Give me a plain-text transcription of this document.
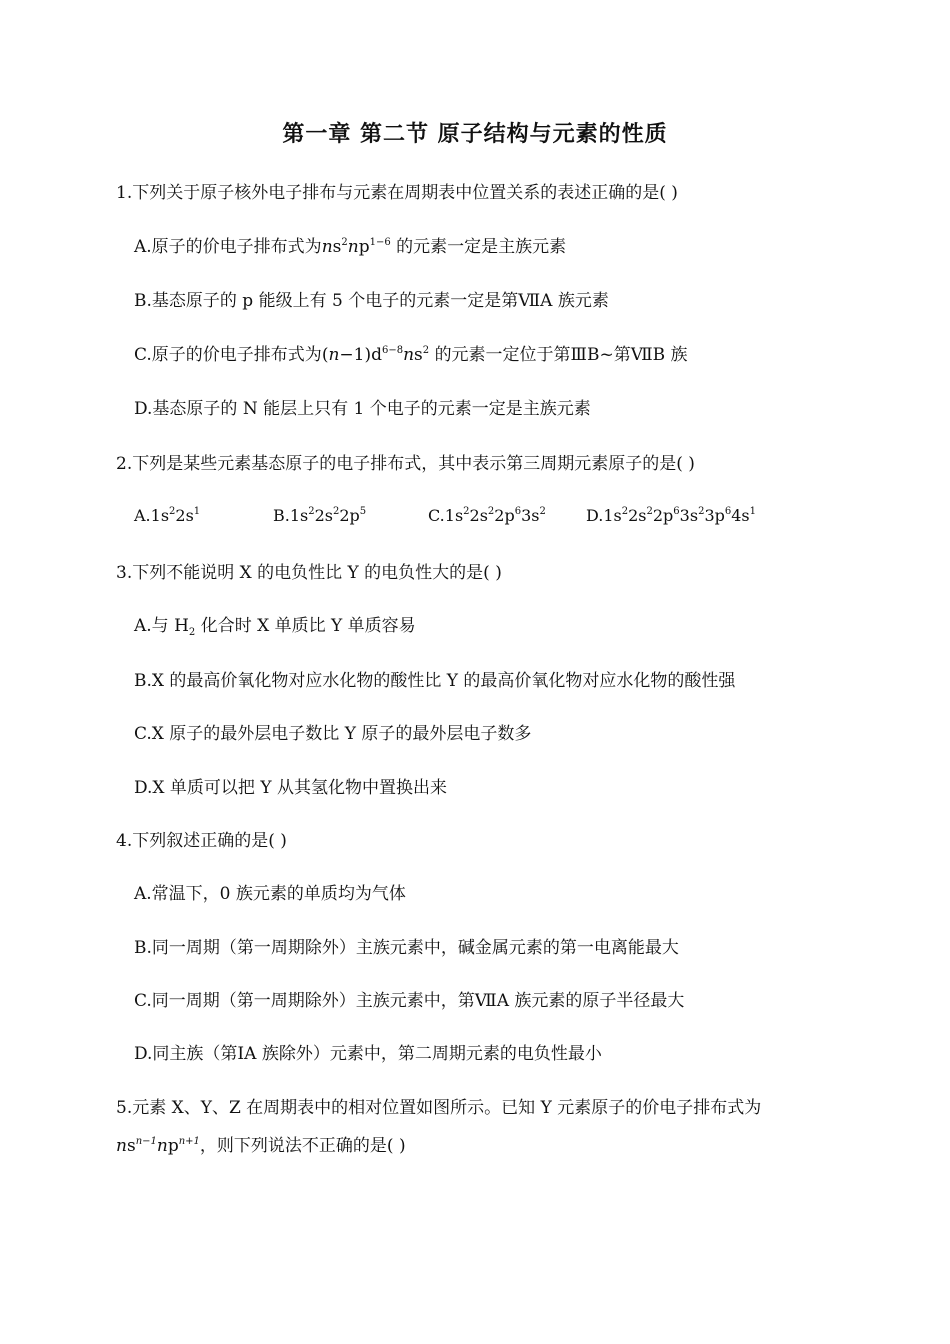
第一章 第二节 原子结构与元素的性质
1.下列关于原子核外电子排布与元素在周期表中位置关系的表述正确的是( )
A.原子的价电子排布式为$ns^2np^{1-6}$ 的元素一定是主族元素
B.基态原子的 p 能级上有 5 个电子的元素一定是第ⅦA 族元素
C.原子的价电子排布式为$(n-1)d^{6-8}ns^2$ 的元素一定位于第ⅢB~第ⅦB 族
D.基态原子的 N 能层上只有 1 个电子的元素一定是主族元素
2.下列是某些元素基态原子的电子排布式，其中表示第三周期元素原子的是( )
$A.1s^22s^1$	$B.1s^22s^22p^5$	$C.1s^22s^22p^63s^2$	$D.1s^22s^22p^63s^23p^64s^1$
3.下列不能说明 X 的电负性比 Y 的电负性大的是( )
A.与 $H_2$ 化合时 X 单质比 Y 单质容易
B.X 的最高价氧化物对应水化物的酸性比 Y 的最高价氧化物对应水化物的酸性强
C.X 原子的最外层电子数比 Y 原子的最外层电子数多
D.X 单质可以把 Y 从其氢化物中置换出来
4.下列叙述正确的是( )
A.常温下，0 族元素的单质均为气体
B.同一周期（第一周期除外）主族元素中，碱金属元素的第一电离能最大
C.同一周期（第一周期除外）主族元素中，第ⅦA 族元素的原子半径最大
D.同主族（第ⅠA 族除外）元素中，第二周期元素的电负性最小
5.元素 X、Y、Z 在周期表中的相对位置如图所示。已知 Y 元素原子的价电子排布式为
$ns^{n-1}np^{n+1}$，则下列说法不正确的是( )
